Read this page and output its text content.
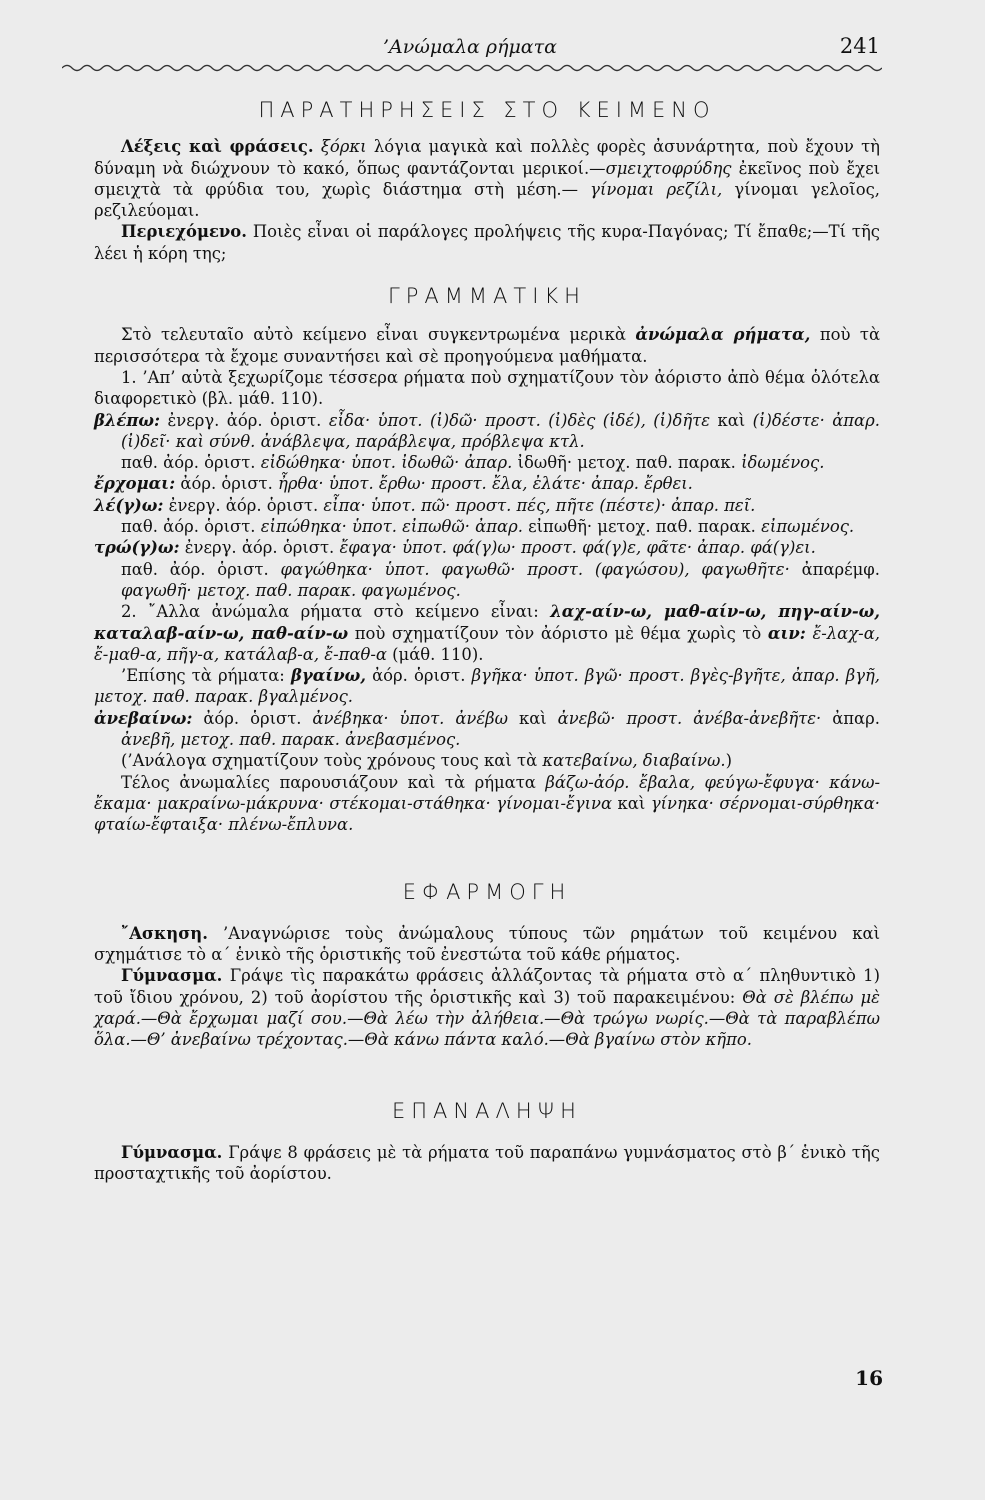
’Ανώμαλα ρήματα	241
ΠΑΡΑΤΗΡΗΣΕΙΣ ΣΤΟ ΚΕΙΜΕΝΟ

Λέξεις καὶ φράσεις. ξόρκι λόγια μαγικὰ καὶ πολλὲς φορὲς ἀσυνάρτητα, ποὺ ἔχουν τὴ δύναμη νὰ διώχνουν τὸ κακό, ὅπως φαντάζονται μερικοί.—σμειχτοφρύδης ἐκεῖνος ποὺ ἔχει σμειχτὰ τὰ φρύδια του, χωρὶς διάστημα στὴ μέση.— γίνομαι ρεζίλι, γίνομαι γελοῖος, ρεζιλεύομαι.

Περιεχόμενο. Ποιὲς εἶναι οἱ παράλογες προλήψεις τῆς κυρα-Παγόνας; Τί ἔπαθε;—Τί τῆς λέει ἡ κόρη της;

ΓΡΑΜΜΑΤΙΚΗ

Στὸ τελευταῖο αὐτὸ κείμενο εἶναι συγκεντρωμένα μερικὰ ἀνώμαλα ρήματα, ποὺ τὰ περισσότερα τὰ ἔχομε συναντήσει καὶ σὲ προηγούμενα μαθήματα.

1. ’Απ’ αὐτὰ ξεχωρίζομε τέσσερα ρήματα ποὺ σχηματίζουν τὸν ἀόριστο ἀπὸ θέμα ὁλότελα διαφορετικὸ (βλ. μάθ. 110).

βλέπω: ἐνεργ. ἀόρ. ὁριστ. εἶδα· ὑποτ. (ἰ)δῶ· προστ. (ἰ)δὲς (ἰδέ), (ἰ)δῆτε καὶ (ἰ)δέστε· ἀπαρ. (ἰ)δεῖ· καὶ σύνθ. ἀνάβλεψα, παράβλεψα, πρόβλεψα κτλ.

παθ. ἀόρ. ὁριστ. εἰδώθηκα· ὑποτ. ἰδωθῶ· ἀπαρ. ἰδωθῆ· μετοχ. παθ. παρακ. ἰδωμένος.

ἔρχομαι: ἀόρ. ὁριστ. ἦρθα· ὑποτ. ἔρθω· προστ. ἔλα, ἐλάτε· ἀπαρ. ἔρθει.

λέ(γ)ω: ἐνεργ. ἀόρ. ὁριστ. εἶπα· ὑποτ. πῶ· προστ. πές, πῆτε (πέστε)· ἀπαρ. πεῖ.

παθ. ἀόρ. ὁριστ. εἰπώθηκα· ὑποτ. εἰπωθῶ· ἀπαρ. εἰπωθῆ· μετοχ. παθ. παρακ. εἰπωμένος.

τρώ(γ)ω: ἐνεργ. ἀόρ. ὁριστ. ἔφαγα· ὑποτ. φά(γ)ω· προστ. φά(γ)ε, φᾶτε· ἀπαρ. φά(γ)ει.

παθ. ἀόρ. ὁριστ. φαγώθηκα· ὑποτ. φαγωθῶ· προστ. (φαγώσου), φαγωθῆτε· ἀπαρέμφ. φαγωθῆ· μετοχ. παθ. παρακ. φαγωμένος.

2. ῎Αλλα ἀνώμαλα ρήματα στὸ κείμενο εἶναι: λαχ-αίν-ω, μαθ-αίν-ω, πηγ-αίν-ω, καταλαβ-αίν-ω, παθ-αίν-ω ποὺ σχηματίζουν τὸν ἀόριστο μὲ θέμα χωρὶς τὸ αιν: ἔ-λαχ-α, ἔ-μαθ-α, πῆγ-α, κατάλαβ-α, ἔ-παθ-α (μάθ. 110).

’Επίσης τὰ ρήματα: βγαίνω, ἀόρ. ὁριστ. βγῆκα· ὑποτ. βγῶ· προστ. βγὲς-βγῆτε, ἀπαρ. βγῆ, μετοχ. παθ. παρακ. βγαλμένος.

ἀνεβαίνω: ἀόρ. ὁριστ. ἀνέβηκα· ὑποτ. ἀνέβω καὶ ἀνεβῶ· προστ. ἀνέβα-ἀνεβῆτε· ἀπαρ. ἀνεβῆ, μετοχ. παθ. παρακ. ἀνεβασμένος.

(’Ανάλογα σχηματίζουν τοὺς χρόνους τους καὶ τὰ κατεβαίνω, διαβαίνω.)

Τέλος ἀνωμαλίες παρουσιάζουν καὶ τὰ ρήματα βάζω-ἀόρ. ἔβαλα, φεύγω-ἔφυγα· κάνω-ἔκαμα· μακραίνω-μάκρυνα· στέκομαι-στάθηκα· γίνομαι-ἔγινα καὶ γίνηκα· σέρνομαι-σύρθηκα· φταίω-ἔφταιξα· πλένω-ἔπλυνα.

ΕΦΑΡΜΟΓΗ

῎Ασκηση. ’Αναγνώρισε τοὺς ἀνώμαλους τύπους τῶν ρημάτων τοῦ κειμένου καὶ σχημάτισε τὸ α΄ ἑνικὸ τῆς ὁριστικῆς τοῦ ἐνεστώτα τοῦ κάθε ρήματος.

Γύμνασμα. Γράψε τὶς παρακάτω φράσεις ἀλλάζοντας τὰ ρήματα στὸ α΄ πληθυντικὸ 1) τοῦ ἴδιου χρόνου, 2) τοῦ ἀορίστου τῆς ὁριστικῆς καὶ 3) τοῦ παρακειμένου: Θὰ σὲ βλέπω μὲ χαρά.—Θὰ ἔρχωμαι μαζί σου.—Θὰ λέω τὴν ἀλήθεια.—Θὰ τρώγω νωρίς.—Θὰ τὰ παραβλέπω ὅλα.—Θ’ ἀνεβαίνω τρέχοντας.—Θὰ κάνω πάντα καλό.—Θὰ βγαίνω στὸν κῆπο.

ΕΠΑΝΑΛΗΨΗ

Γύμνασμα. Γράψε 8 φράσεις μὲ τὰ ρήματα τοῦ παραπάνω γυμνάσματος στὸ β΄ ἑνικὸ τῆς προσταχτικῆς τοῦ ἀορίστου.

16
